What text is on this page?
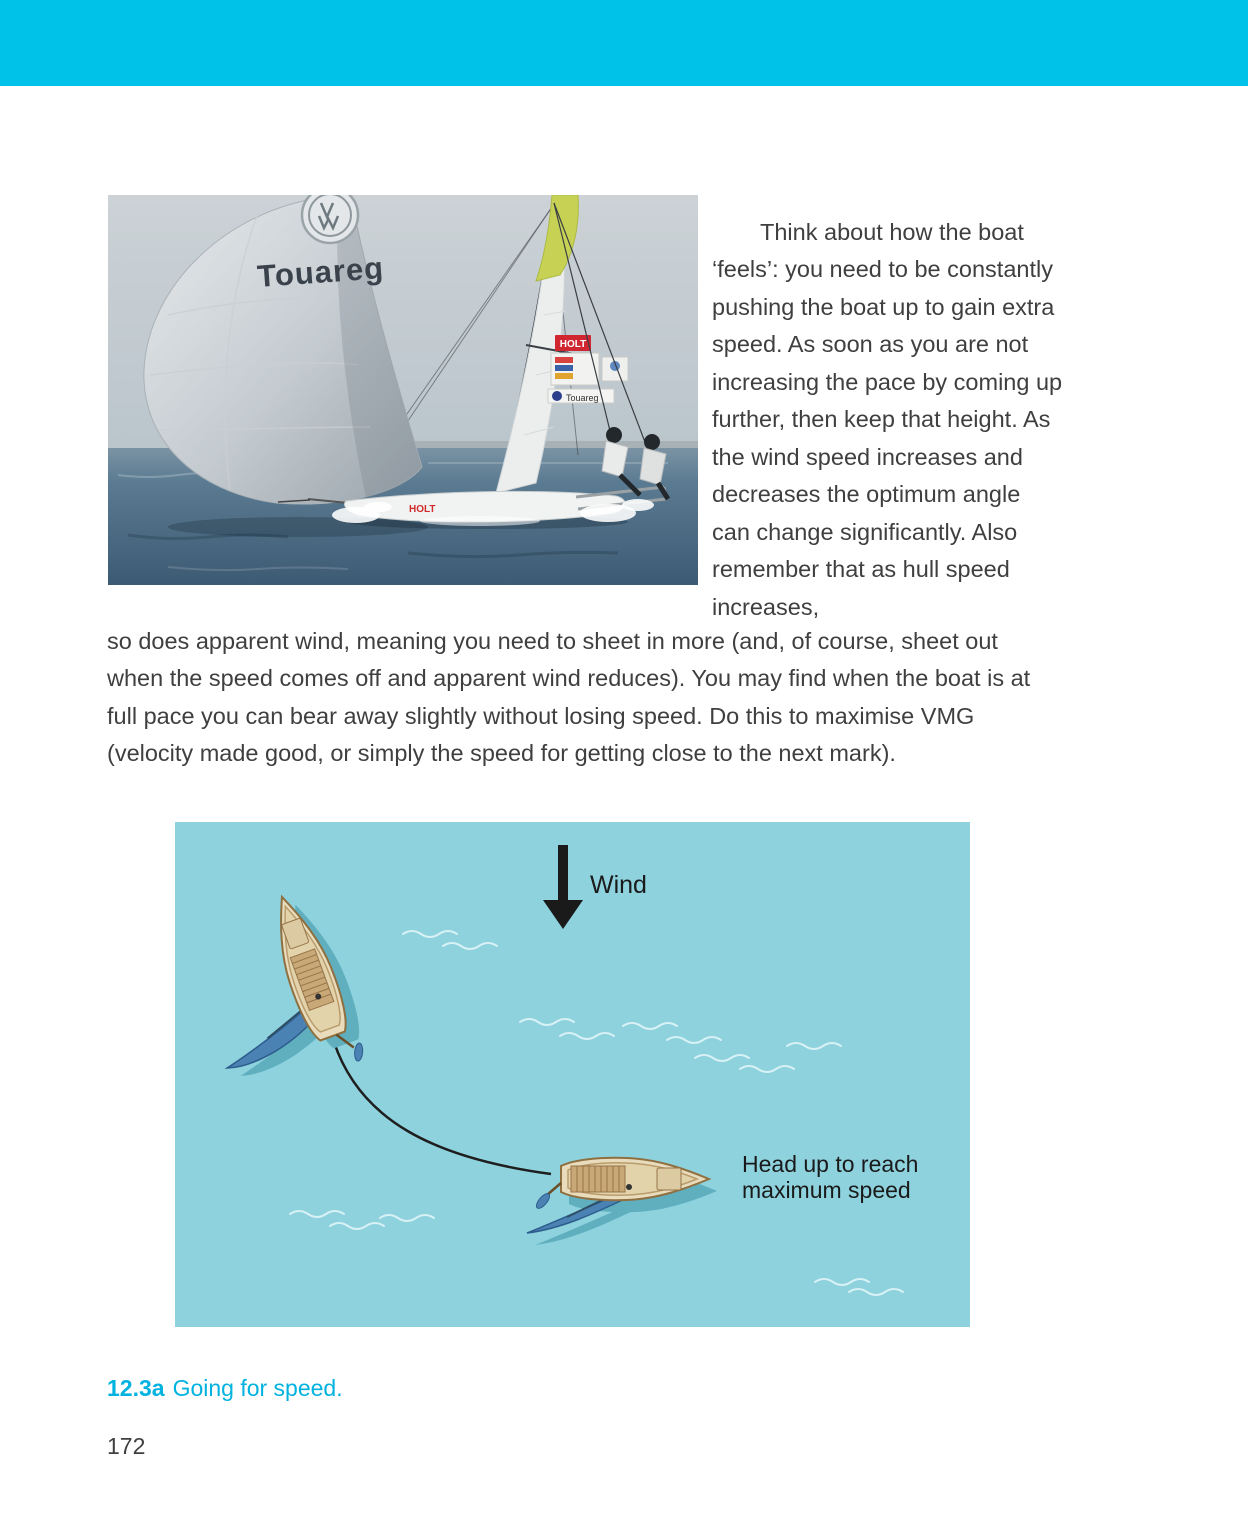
Touareg
HOLT
Touareg
HOLT

Think about how the boat ‘feels’: you need to be constantly pushing the boat up to gain extra speed. As soon as you are not increasing the pace by coming up further, then keep that height. As the wind speed increases and decreases the optimum angle can change significantly. Also remember that as hull speed increases,

so does apparent wind, meaning you need to sheet in more (and, of course, sheet out when the speed comes off and apparent wind reduces). You may find when the boat is at full pace you can bear away slightly without losing speed. Do this to maximise VMG (velocity made good, or simply the speed for getting close to the next mark).

Wind
Head up to reach
maximum speed

12.3a Going for speed.

172
